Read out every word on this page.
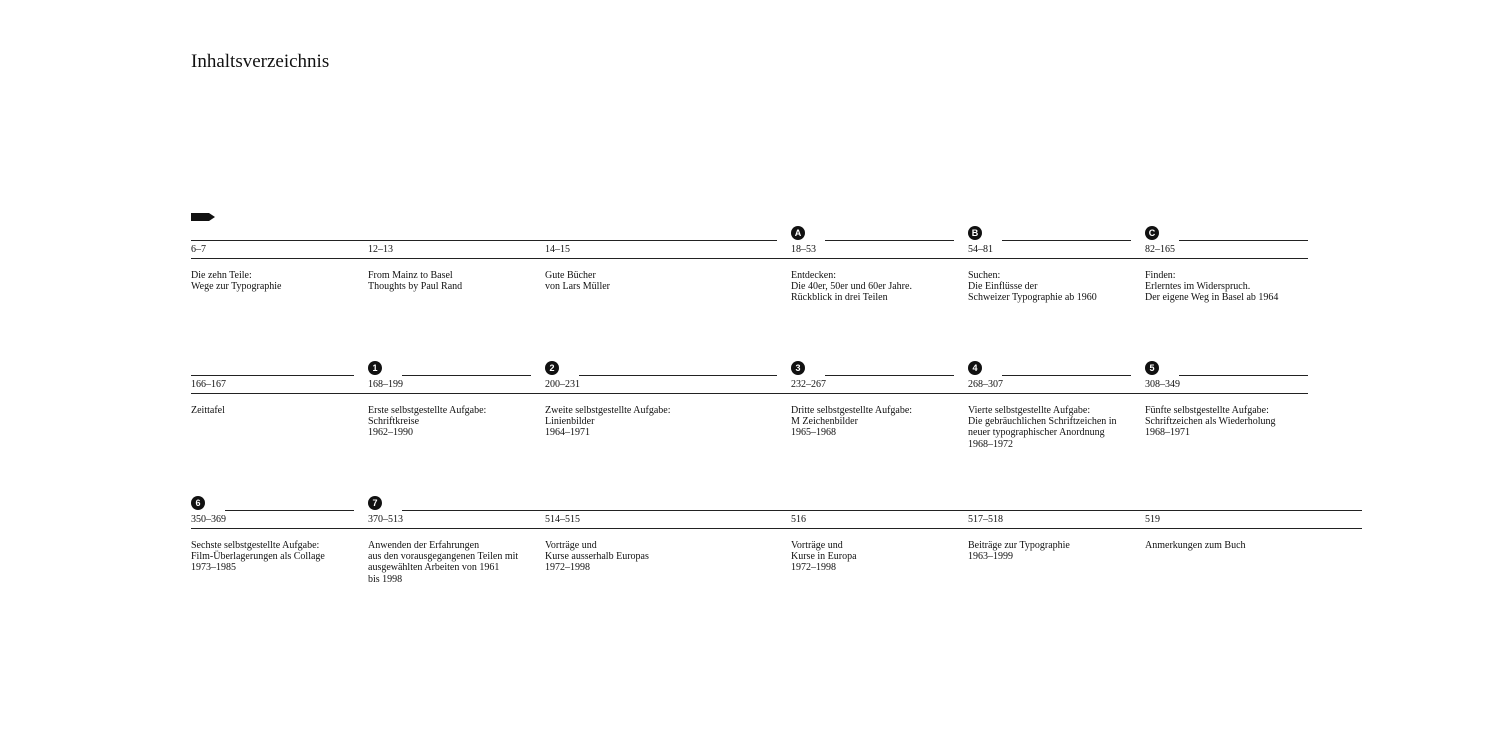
Inhaltsverzeichnis
6–7
Die zehn Teile:
Wege zur Typographie
12–13
From Mainz to Basel
Thoughts by Paul Rand
14–15
Gute Bücher
von Lars Müller
A
18–53
Entdecken:
Die 40er, 50er und 60er Jahre.
Rückblick in drei Teilen
B
54–81
Suchen:
Die Einflüsse der
Schweizer Typographie ab 1960
C
82–165
Finden:
Erlerntes im Widerspruch.
Der eigene Weg in Basel ab 1964
166–167
Zeittafel
1
168–199
Erste selbstgestellte Aufgabe:
Schriftkreise
1962–1990
2
200–231
Zweite selbstgestellte Aufgabe:
Linienbilder
1964–1971
3
232–267
Dritte selbstgestellte Aufgabe:
M Zeichenbilder
1965–1968
4
268–307
Vierte selbstgestellte Aufgabe:
Die gebräuchlichen Schriftzeichen in
neuer typographischer Anordnung
1968–1972
5
308–349
Fünfte selbstgestellte Aufgabe:
Schriftzeichen als Wiederholung
1968–1971
6
350–369
Sechste selbstgestellte Aufgabe:
Film-Überlagerungen als Collage
1973–1985
7
370–513
Anwenden der Erfahrungen
aus den vorausgegangenen Teilen mit
ausgewählten Arbeiten von 1961
bis 1998
514–515
Vorträge und
Kurse ausserhalb Europas
1972–1998
516
Vorträge und
Kurse in Europa
1972–1998
517–518
Beiträge zur Typographie
1963–1999
519
Anmerkungen zum Buch
